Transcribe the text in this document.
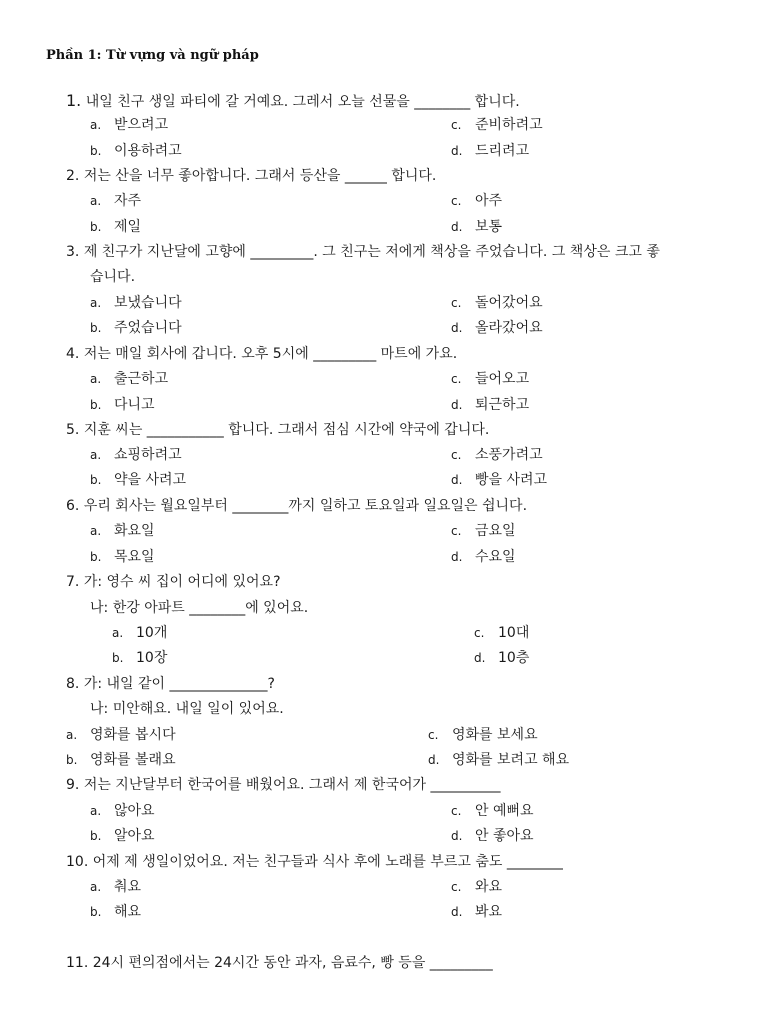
Phần 1: Từ vựng và ngữ pháp
1. 내일 친구 생일 파티에 갈 거예요. 그레서 오늘 선물을 ________ 합니다.
a. 받으려고	c. 준비하려고
b. 이용하려고	d. 드리려고
2. 저는 산을 너무 좋아합니다. 그래서 등산을 ______ 합니다.
a. 자주	c. 아주
b. 제일	d. 보통
3. 제 친구가 지난달에 고향에 _________. 그 친구는 저에게 책상을 주었습니다. 그 책상은 크고 좋
습니다.
a. 보냈습니다	c. 돌어갔어요
b. 주었습니다	d. 올라갔어요
4. 저는 매일 회사에 갑니다. 오후 5시에 _________ 마트에 가요.
a. 출근하고	c. 들어오고
b. 다니고	d. 퇴근하고
5. 지훈 씨는 ___________ 합니다. 그래서 점심 시간에 약국에 갑니다.
a. 쇼핑하려고	c. 소풍가려고
b. 약을 사려고	d. 빵을 사려고
6. 우리 회사는 월요일부터 ________까지 일하고 토요일과 일요일은 쉽니다.
a. 화요일	c. 금요일
b. 목요일	d. 수요일
7. 가: 영수 씨 집이 어디에 있어요?
나: 한강 아파트 ________에 있어요.
a. 10개	c. 10대
b. 10장	d. 10층
8. 가: 내일 같이 ______________?
나: 미안해요. 내일 일이 있어요.
a. 영화를 봅시다	c. 영화를 보세요
b. 영화를 볼래요	d. 영화를 보려고 해요
9. 저는 지난달부터 한국어를 배웠어요. 그래서 제 한국어가 __________
a. 않아요	c. 안 예뻐요
b. 알아요	d. 안 좋아요
10. 어제 제 생일이었어요. 저는 친구들과 식사 후에 노래를 부르고 춤도 ________
a. 춰요	c. 와요
b. 해요	d. 봐요
11. 24시 편의점에서는 24시간 동안 과자, 음료수, 빵 등을 _________
